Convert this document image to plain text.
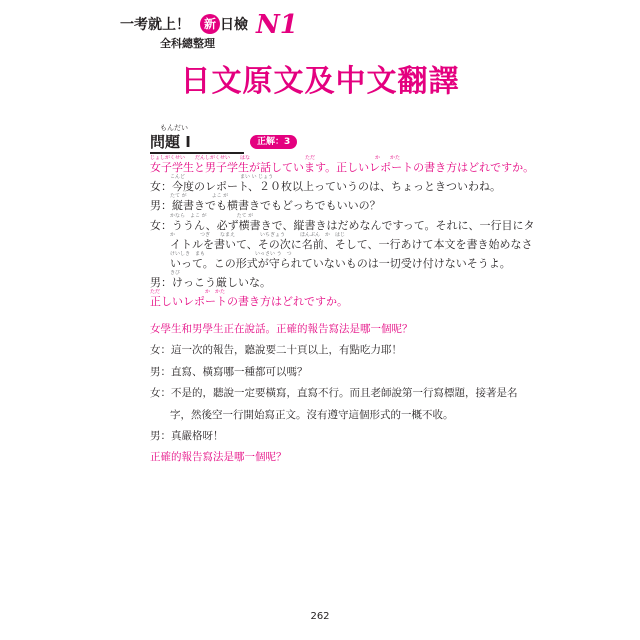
一考就上！	新 日檢 N1
全科總整理
日文原文及中文翻譯
もんだい
問題 I	正解：3
じょしがくせい　　だんしがくせい　　はな　　　　　　　　　　　ただ　　　　　　　　　　　　か　　かた
女子学生と男子学生が話しています。正しいレポートの書き方はどれですか。
こんど　　　　　　　　　　　まい い じょう
女：今度のレポート、２０枚以上っていうのは、ちょっときついわね。
たて が　　　　　よこ が
男：縦書きでも横書きでもどっちでもいいの？
かなら　よこ が　　　　　　たて が
女：ううん、必ず横書きで、縦書きはだめなんですって。それに、一行目にタ
か　　　　　つぎ　　なまえ　　　　　いちぎょう　　　ほんぶん　か　はじ
イトルを書いて、その次に名前、そして、一行あけて本文を書き始めなさ
けいしき　まも　　　　　　　　　　いっさい う　つ
いって。この形式が守られていないものは一切受け付けないそうよ。
きび
男：けっこう厳しいな。
ただ　　　　　　　　　か　かた
正しいレポートの書き方はどれですか。
女學生和男學生正在說話。正確的報告寫法是哪一個呢？
女：這一次的報告，聽說要二十頁以上，有點吃力耶！
男：直寫、橫寫哪一種都可以嗎？
女：不是的，聽說一定要橫寫，直寫不行。而且老師說第一行寫標題，接著是名
字，然後空一行開始寫正文。沒有遵守這個形式的一概不收。
男：真嚴格呀！
正確的報告寫法是哪一個呢？
262
